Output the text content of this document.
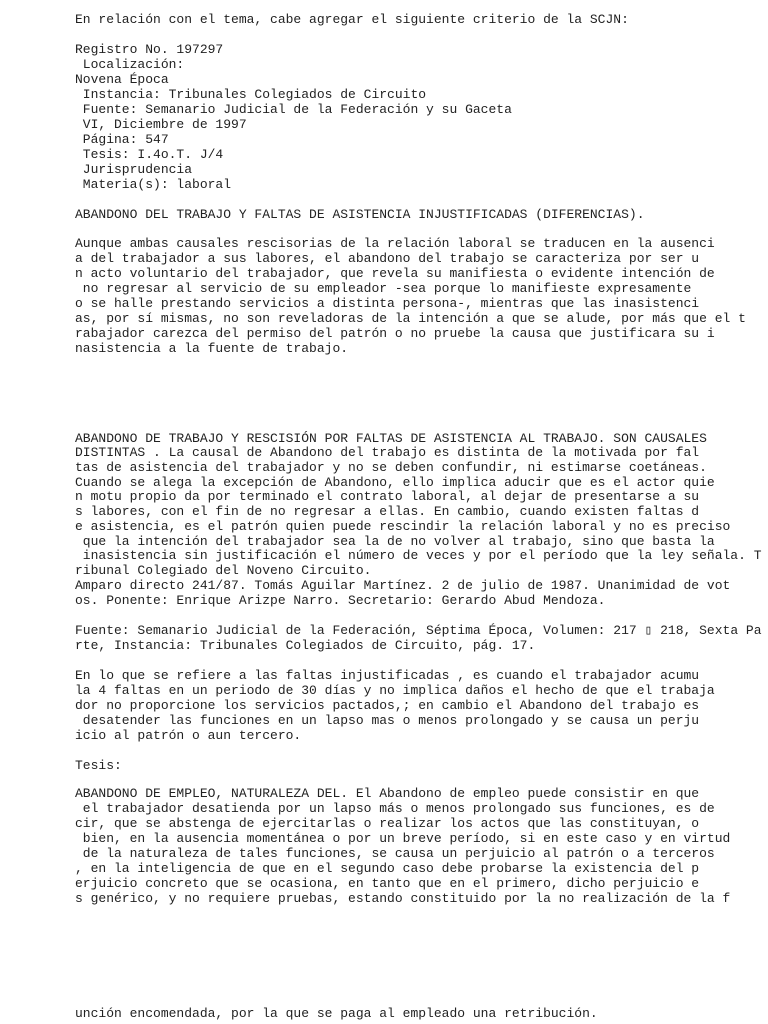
En relación con el tema, cabe agregar el siguiente criterio de la SCJN:
Registro No. 197297
Localización:
Novena Época
Instancia: Tribunales Colegiados de Circuito
Fuente: Semanario Judicial de la Federación y su Gaceta
VI, Diciembre de 1997
Página: 547
Tesis: I.4o.T. J/4
Jurisprudencia
Materia(s): laboral
ABANDONO DEL TRABAJO Y FALTAS DE ASISTENCIA INJUSTIFICADAS (DIFERENCIAS).
Aunque ambas causales rescisorias de la relación laboral se traducen en la ausenci
a del trabajador a sus labores, el abandono del trabajo se caracteriza por ser u
n acto voluntario del trabajador, que revela su manifiesta o evidente intención de
no regresar al servicio de su empleador -sea porque lo manifieste expresamente
o se halle prestando servicios a distinta persona-, mientras que las inasistenci
as, por sí mismas, no son reveladoras de la intención a que se alude, por más que el t
rabajador carezca del permiso del patrón o no pruebe la causa que justificara su i
nasistencia a la fuente de trabajo.
ABANDONO DE TRABAJO Y RESCISIÓN POR FALTAS DE ASISTENCIA AL TRABAJO. SON CAUSALES
DISTINTAS . La causal de Abandono del trabajo es distinta de la motivada por fal
tas de asistencia del trabajador y no se deben confundir, ni estimarse coetáneas.
Cuando se alega la excepción de Abandono, ello implica aducir que es el actor quie
n motu propio da por terminado el contrato laboral, al dejar de presentarse a su
s labores, con el fin de no regresar a ellas. En cambio, cuando existen faltas d
e asistencia, es el patrón quien puede rescindir la relación laboral y no es preciso
que la intención del trabajador sea la de no volver al trabajo, sino que basta la
inasistencia sin justificación el número de veces y por el período que la ley señala. T
ribunal Colegiado del Noveno Circuito.
Amparo directo 241/87. Tomás Aguilar Martínez. 2 de julio de 1987. Unanimidad de vot
os. Ponente: Enrique Arizpe Narro. Secretario: Gerardo Abud Mendoza.
Fuente: Semanario Judicial de la Federación, Séptima Época, Volumen: 217 ▯ 218, Sexta Pa
rte, Instancia: Tribunales Colegiados de Circuito, pág. 17.
En lo que se refiere a las faltas injustificadas , es cuando el trabajador acumu
la 4 faltas en un periodo de 30 días y no implica daños el hecho de que el trabaja
dor no proporcione los servicios pactados,; en cambio el Abandono del trabajo es
desatender las funciones en un lapso mas o menos prolongado y se causa un perju
icio al patrón o aun tercero.
Tesis:
ABANDONO DE EMPLEO, NATURALEZA DEL. El Abandono de empleo puede consistir en que
el trabajador desatienda por un lapso más o menos prolongado sus funciones, es de
cir, que se abstenga de ejercitarlas o realizar los actos que las constituyan, o
bien, en la ausencia momentánea o por un breve período, si en este caso y en virtud
de la naturaleza de tales funciones, se causa un perjuicio al patrón o a terceros
, en la inteligencia de que en el segundo caso debe probarse la existencia del p
erjuicio concreto que se ocasiona, en tanto que en el primero, dicho perjuicio e
s genérico, y no requiere pruebas, estando constituido por la no realización de la f
unción encomendada, por la que se paga al empleado una retribución.
